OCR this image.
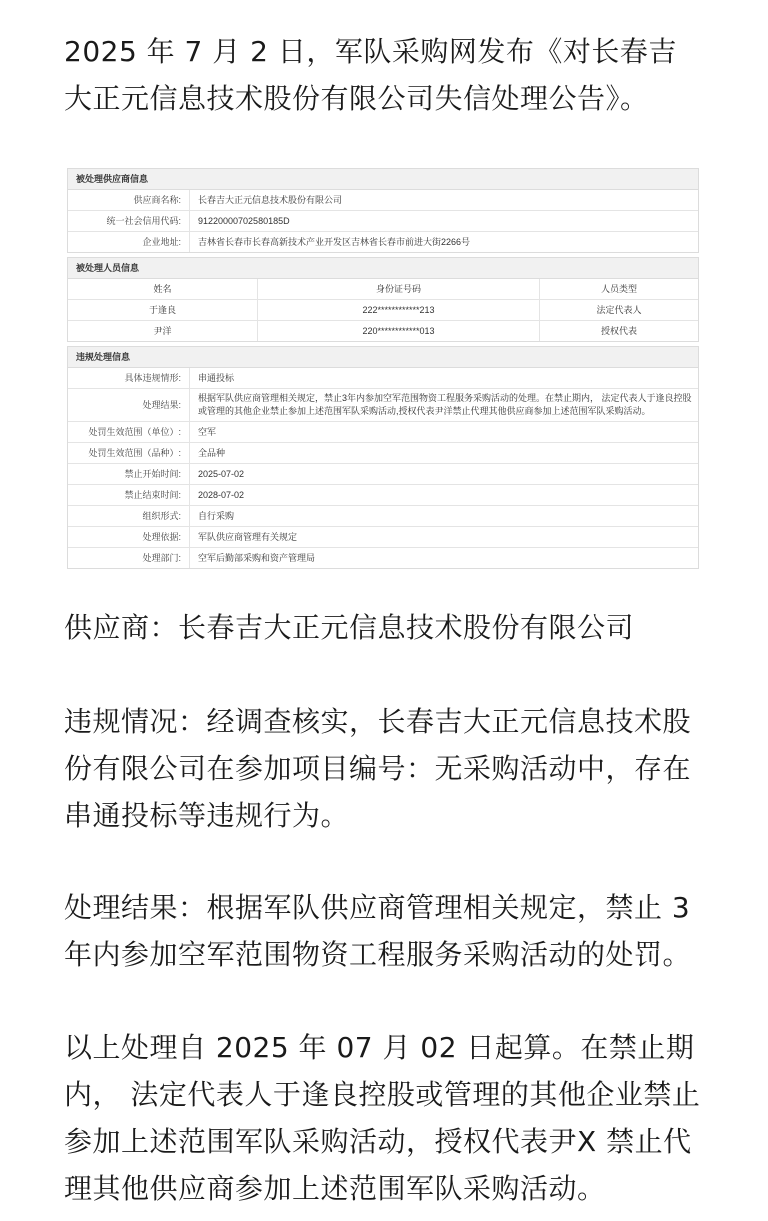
2025 年 7 月 2 日，军队采购网发布《对长春吉大正元信息技术股份有限公司失信处理公告》。

被处理供应商信息
供应商名称:	长春吉大正元信息技术股份有限公司
统一社会信用代码:	91220000702580185D
企业地址:	吉林省长春市长春高新技术产业开发区吉林省长春市前进大街2266号
被处理人员信息
姓名	身份证号码	人员类型
于逢良	222************213	法定代表人
尹洋	220************013	授权代表
违规处理信息
具体违规情形:	串通投标
处理结果:
根据军队供应商管理相关规定，禁止3年内参加空军范围物资工程服务采购活动的处理。在禁止期内， 法定代表人于逢良控股或管理的其他企业禁止参加上述范围军队采购活动,授权代表尹洋禁止代理其他供应商参加上述范围军队采购活动。
处罚生效范围（单位）:	空军
处罚生效范围（品种）:	全品种
禁止开始时间:	2025-07-02
禁止结束时间:	2028-07-02
组织形式:	自行采购
处理依据:	军队供应商管理有关规定
处理部门:	空军后勤部采购和资产管理局

供应商：长春吉大正元信息技术股份有限公司

违规情况：经调查核实，长春吉大正元信息技术股份有限公司在参加项目编号：无采购活动中，存在串通投标等违规行为。

处理结果：根据军队供应商管理相关规定，禁止 3 年内参加空军范围物资工程服务采购活动的处罚。

以上处理自 2025 年 07 月 02 日起算。在禁止期内， 法定代表人于逢良控股或管理的其他企业禁止参加上述范围军队采购活动，授权代表尹X 禁止代理其他供应商参加上述范围军队采购活动。
